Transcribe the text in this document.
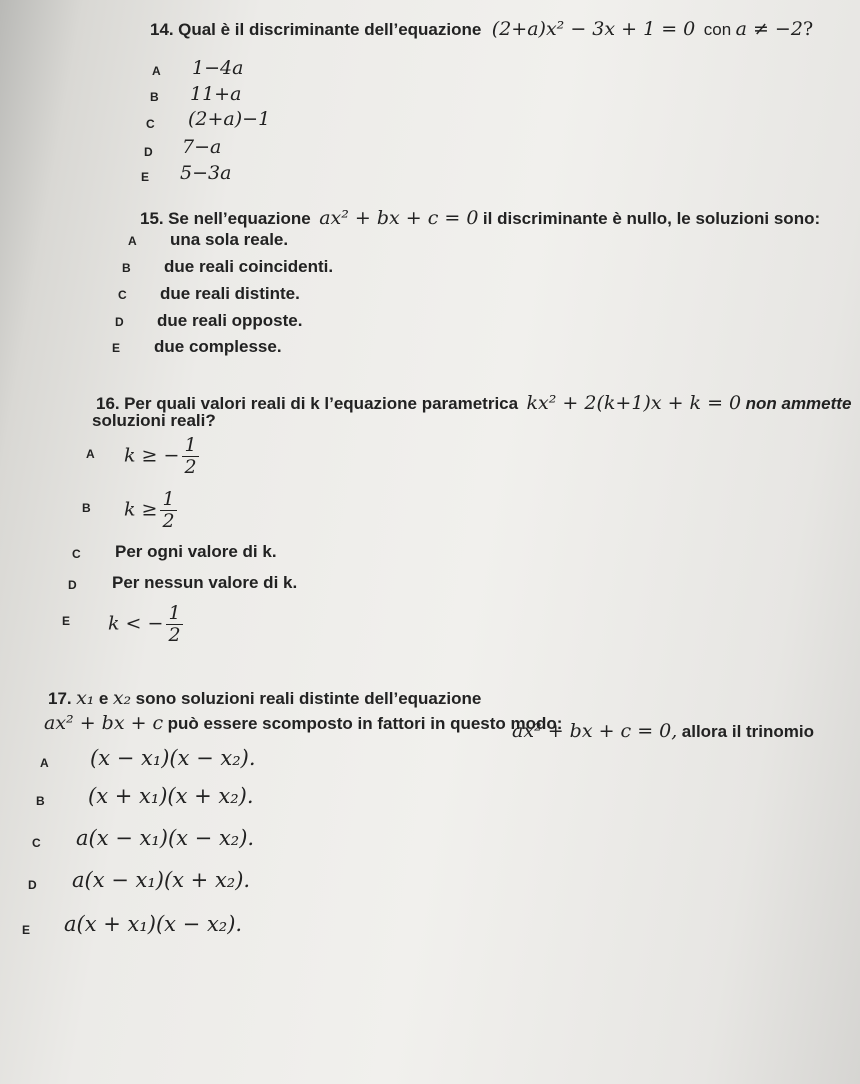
14. Qual è il discriminante dell’equazione (2+a)x² − 3x + 1 = 0 con a ≠ −2?
A 1−4a
B 11+a
C (2+a)−1
D 7−a
E 5−3a
15. Se nell’equazione ax² + bx + c = 0 il discriminante è nullo, le soluzioni sono:
A una sola reale.
B due reali coincidenti.
C due reali distinte.
D due reali opposte.
E due complesse.
16. Per quali valori reali di k l’equazione parametrica kx² + 2(k+1)x + k = 0 non ammette
soluzioni reali?
A k ≥ − $\frac{1}{2}$
B $k \ge \frac{1}{2}$
C Per ogni valore di k.
D Per nessun valore di k.
E k < − $\frac{1}{2}$
17. x₁ e x₂ sono soluzioni reali distinte dell’equazione
ax² + bx + c = 0, allora il trinomio
ax² + bx + c può essere scomposto in fattori in questo modo:
A (x − x₁)(x − x₂).
B (x + x₁)(x + x₂).
C a(x − x₁)(x − x₂).
D a(x − x₁)(x + x₂).
E a(x + x₁)(x − x₂).
